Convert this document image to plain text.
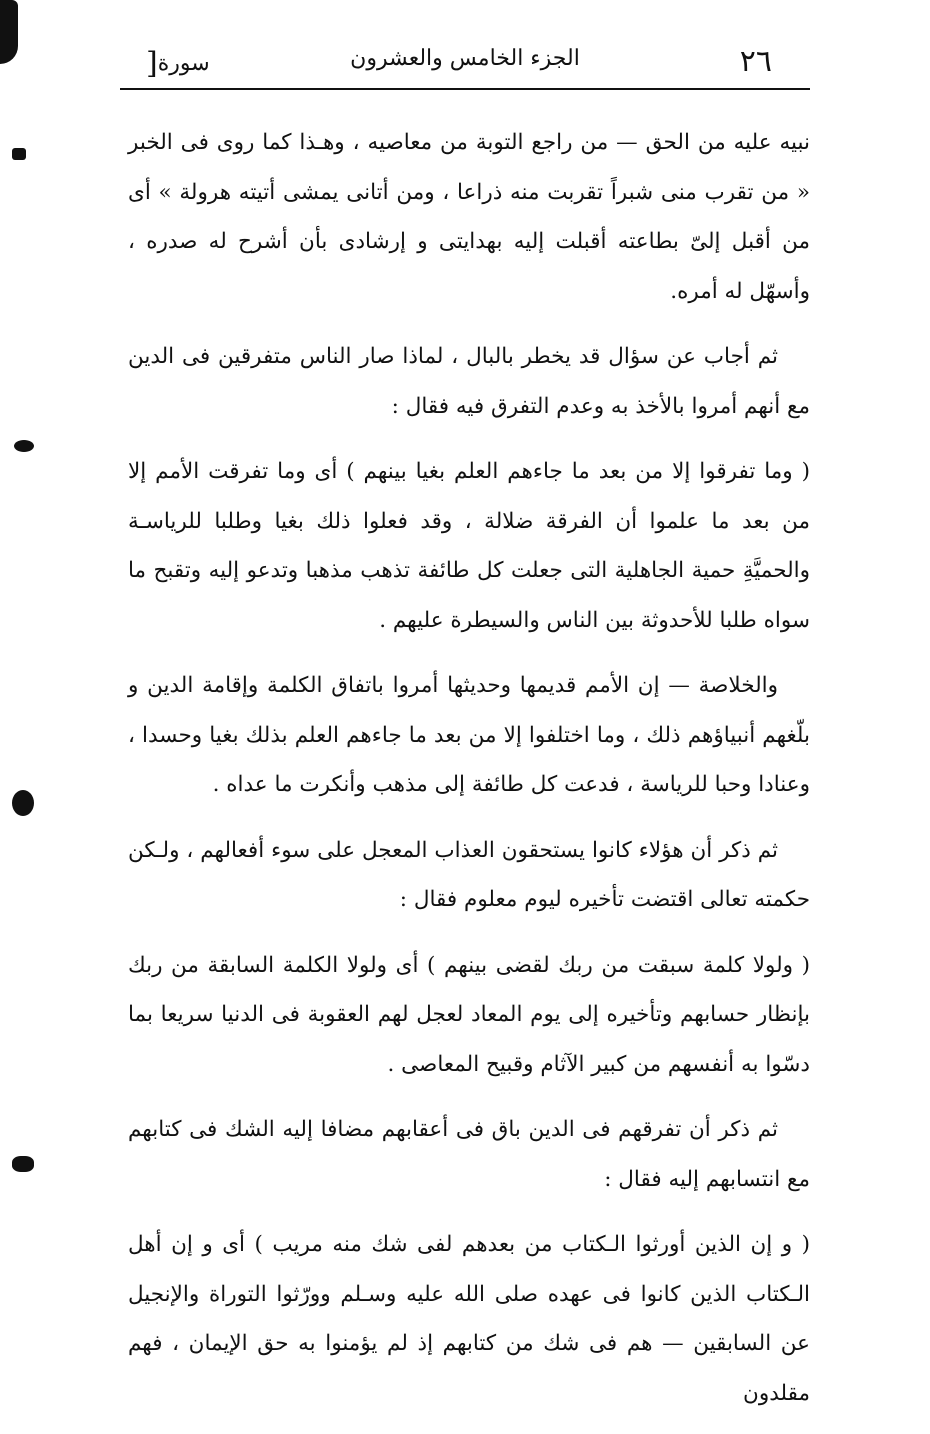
٢٦
الجزء الخامس والعشرون
سورة[

نبيه عليه من الحق — من راجع التوبة من معاصيه ، وهـذا كما روى فى الخبر « من تقرب منى شبراً تقربت منه ذراعا ، ومن أتانى يمشى أتيته هرولة » أى من أقبل إلىّ بطاعته أقبلت إليه بهدايتى و إرشادى بأن أشرح له صدره ، وأسهّل له أمره.

ثم أجاب عن سؤال قد يخطر بالبال ، لماذا صار الناس متفرقين فى الدين مع أنهم أمروا بالأخذ به وعدم التفرق فيه فقال :

( وما تفرقوا إلا من بعد ما جاءهم العلم بغيا بينهم ) أى وما تفرقت الأمم إلا من بعد ما علموا أن الفرقة ضلالة ، وقد فعلوا ذلك بغيا وطلبا للرياسـة والحميَّةِ حمية الجاهلية التى جعلت كل طائفة تذهب مذهبا وتدعو إليه وتقبح ما سواه طلبا للأحدوثة بين الناس والسيطرة عليهم .

والخلاصة — إن الأمم قديمها وحديثها أمروا باتفاق الكلمة وإقامة الدين و بلّغهم أنبياؤهم ذلك ، وما اختلفوا إلا من بعد ما جاءهم العلم بذلك بغيا وحسدا ، وعنادا وحبا للرياسة ، فدعت كل طائفة إلى مذهب وأنكرت ما عداه .

ثم ذكر أن هؤلاء كانوا يستحقون العذاب المعجل على سوء أفعالهم ، ولـكن حكمته تعالى اقتضت تأخيره ليوم معلوم فقال :

( ولولا كلمة سبقت من ربك لقضى بينهم ) أى ولولا الكلمة السابقة من ربك بإنظار حسابهم وتأخيره إلى يوم المعاد لعجل لهم العقوبة فى الدنيا سريعا بما دسّوا به أنفسهم من كبير الآثام وقبيح المعاصى .

ثم ذكر أن تفرقهم فى الدين باق فى أعقابهم مضافا إليه الشك فى كتابهم مع انتسابهم إليه فقال :

( و إن الذين أورثوا الـكتاب من بعدهم لفى شك منه مريب ) أى و إن أهل الـكتاب الذين كانوا فى عهده صلى الله عليه وسـلم وورّثوا التوراة والإنجيل عن السابقين — هم فى شك من كتابهم إذ لم يؤمنوا به حق الإيمان ، فهم مقلدون
